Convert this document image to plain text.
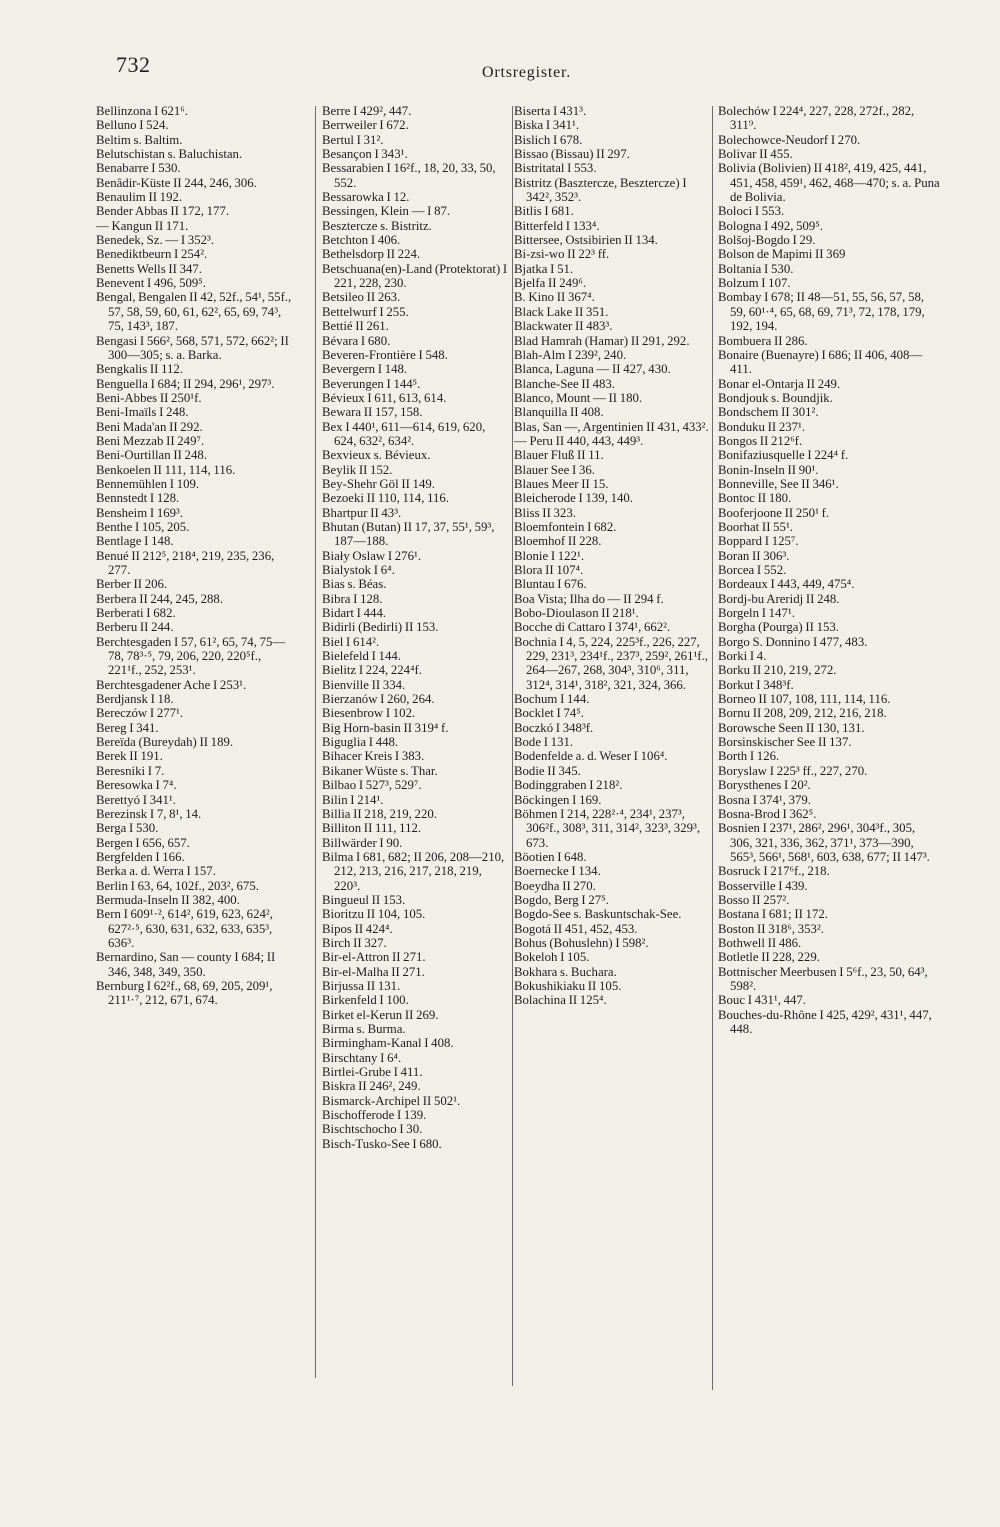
732	Ortsregister.
Bellinzona I 621⁶.
Belluno I 524.
Beltim s. Baltim.
Belutschistan s. Baluchistan.
Benabarre I 530.
Benâdir-Küste II 244, 246, 306.
Benaulim II 192.
Bender Abbas II 172, 177.
— Kangun II 171.
Benedek, Sz. — I 352³.
Benediktbeurn I 254².
Benetts Wells II 347.
Benevent I 496, 509⁵.
Bengal, Bengalen II 42, 52f., 54¹, 55f., 57, 58, 59, 60, 61, 62², 65, 69, 74³, 75, 143³, 187.
Bengasi I 566², 568, 571, 572, 662²; II 300—305; s. a. Barka.
Bengkalis II 112.
Benguella I 684; II 294, 296¹, 297³.
Beni-Abbes II 250¹f.
Beni-Imaïls I 248.
Beni Mada'an II 292.
Beni Mezzab II 249⁷.
Beni-Ourtillan II 248.
Benkoelen II 111, 114, 116.
Bennemühlen I 109.
Bennstedt I 128.
Bensheim I 169³.
Benthe I 105, 205.
Bentlage I 148.
Benué II 212⁵, 218⁴, 219, 235, 236, 277.
Berber II 206.
Berbera II 244, 245, 288.
Berberati I 682.
Berberu II 244.
Berchtesgaden I 57, 61², 65, 74, 75—78, 78³·⁵, 79, 206, 220, 220⁵f., 221¹f., 252, 253¹.
Berchtesgadener Ache I 253¹.
Berdjansk I 18.
Bereczów I 277¹.
Bereg I 341.
Bereïda (Bureydah) II 189.
Berek II 191.
Beresniki I 7.
Beresowka I 7⁴.
Berettyó I 341¹.
Berezinsk I 7, 8¹, 14.
Berga I 530.
Bergen I 656, 657.
Bergfelden I 166.
Berka a. d. Werra I 157.
Berlin I 63, 64, 102f., 203², 675.
Bermuda-Inseln II 382, 400.
Bern I 609¹·², 614², 619, 623, 624², 627²·⁵, 630, 631, 632, 633, 635³, 636³.
Bernardino, San — county I 684; II 346, 348, 349, 350.
Bernburg I 62²f., 68, 69, 205, 209¹, 211¹·⁷, 212, 671, 674.
Berre I 429², 447.
Berrweiler I 672.
Bertul I 31².
Besançon I 343¹.
Bessarabien I 16²f., 18, 20, 33, 50, 552.
Bessarowka I 12.
Bessingen, Klein — I 87.
Besztercze s. Bistritz.
Betchton I 406.
Bethelsdorp II 224.
Betschuana(en)-Land (Protektorat) I 221, 228, 230.
Betsileo II 263.
Bettelwurf I 255.
Bettié II 261.
Bévara I 680.
Beveren-Frontière I 548.
Bevergern I 148.
Beverungen I 144⁵.
Bévieux I 611, 613, 614.
Bewara II 157, 158.
Bex I 440¹, 611—614, 619, 620, 624, 632², 634².
Bexvieux s. Bévieux.
Beylik II 152.
Bey-Shehr Göl II 149.
Bezoeki II 110, 114, 116.
Bhartpur II 43³.
Bhutan (Butan) II 17, 37, 55¹, 59³, 187—188.
Biały Oslaw I 276¹.
Bialystok I 6⁴.
Bias s. Béas.
Bibra I 128.
Bidart I 444.
Bidirli (Bedirli) II 153.
Biel I 614².
Bielefeld I 144.
Bielitz I 224, 224⁴f.
Bienville II 334.
Bierzanów I 260, 264.
Biesenbrow I 102.
Big Horn-basin II 319⁴ f.
Biguglia I 448.
Bihacer Kreis I 383.
Bikaner Wüste s. Thar.
Bilbao I 527³, 529⁷.
Bilin I 214¹.
Billia II 218, 219, 220.
Billiton II 111, 112.
Billwärder I 90.
Bilma I 681, 682; II 206, 208—210, 212, 213, 216, 217, 218, 219, 220³.
Bingueul II 153.
Bioritzu II 104, 105.
Bipos II 424⁴.
Birch II 327.
Bir-el-Attron II 271.
Bir-el-Malha II 271.
Birjussa II 131.
Birkenfeld I 100.
Birket el-Kerun II 269.
Birma s. Burma.
Birmingham-Kanal I 408.
Birschtany I 6⁴.
Birtlei-Grube I 411.
Biskra II 246², 249.
Bismarck-Archipel II 502¹.
Bischofferode I 139.
Bischtschocho I 30.
Bisch-Tusko-See I 680.
Biserta I 431³.
Biska I 341¹.
Bislich I 678.
Bissao (Bissau) II 297.
Bistritatal I 553.
Bistritz (Baszterczе, Beszterczе) I 342², 352³.
Bitlis I 681.
Bitterfeld I 133⁴.
Bittersee, Ostsibirien II 134.
Bi-zsi-wo II 22³ ff.
Bjatka I 51.
Bjelfa II 249⁶.
B. Kino II 367⁴.
Black Lake II 351.
Blackwater II 483³.
Blad Hamrah (Hamar) II 291, 292.
Blah-Alm I 239², 240.
Blanca, Laguna — II 427, 430.
Blanche-See II 483.
Blanco, Mount — II 180.
Blanquilla II 408.
Blas, San —, Argentinien II 431, 433².
— Peru II 440, 443, 449³.
Blauer Fluß II 11.
Blauer See I 36.
Blaues Meer II 15.
Bleicherode I 139, 140.
Bliss II 323.
Bloemfontein I 682.
Bloemhof II 228.
Blonie I 122¹.
Blora II 107⁴.
Bluntau I 676.
Boa Vista; Ilha do — II 294 f.
Bobo-Dioulason II 218¹.
Bocche di Cattaro I 374¹, 662².
Bochnia I 4, 5, 224, 225³f., 226, 227, 229, 231³, 234¹f., 237³, 259², 261¹f., 264—267, 268, 304³, 310⁶, 311, 312⁴, 314¹, 318², 321, 324, 366.
Bochum I 144.
Bocklet I 74⁵.
Boczkó I 348³f.
Bode I 131.
Bodenfelde a. d. Weser I 106⁴.
Bodie II 345.
Bodinggraben I 218².
Böckingen I 169.
Böhmen I 214, 228²·⁴, 234¹, 237³, 306²f., 308³, 311, 314², 323³, 329³, 673.
Böotien I 648.
Boernecke I 134.
Boeydha II 270.
Bogdo, Berg I 27⁵.
Bogdo-See s. Baskuntschak-See.
Bogotá II 451, 452, 453.
Bohus (Bohuslehn) I 598².
Bokeloh I 105.
Bokhara s. Buchara.
Bokushikiaku II 105.
Bolachina II 125⁴.
Bolechów I 224⁴, 227, 228, 272f., 282, 311⁹.
Bolechowce-Neudorf I 270.
Bolivar II 455.
Bolivia (Bolivien) II 418², 419, 425, 441, 451, 458, 459¹, 462, 468—470; s. a. Puna de Bolivia.
Boloci I 553.
Bologna I 492, 509⁵.
Bolšoj-Bogdo I 29.
Bolson de Mapimi II 369
Boltania I 530.
Bolzum I 107.
Bombay I 678; II 48—51, 55, 56, 57, 58, 59, 60¹·⁴, 65, 68, 69, 71³, 72, 178, 179, 192, 194.
Bombuera II 286.
Bonaire (Buenayre) I 686; II 406, 408—411.
Bonar el-Ontarja II 249.
Bondjouk s. Boundjik.
Bondschem II 301².
Bonduku II 237¹.
Bongos II 212⁶f.
Bonifaziusquelle I 224⁴ f.
Bonin-Inseln II 90¹.
Bonneville, See II 346¹.
Bontoc II 180.
Booferjoone II 250¹ f.
Boorhat II 55¹.
Boppard I 125⁷.
Boran II 306³.
Borcea I 552.
Bordeaux I 443, 449, 475⁴.
Bordj-bu Areridj II 248.
Borgeln I 147¹.
Borgha (Pourga) II 153.
Borgo S. Donnino I 477, 483.
Borki I 4.
Borku II 210, 219, 272.
Borkut I 348³f.
Borneo II 107, 108, 111, 114, 116.
Bornu II 208, 209, 212, 216, 218.
Borowsche Seen II 130, 131.
Borsinskischer See II 137.
Borth I 126.
Boryslaw I 225³ ff., 227, 270.
Borysthenes I 20².
Bosna I 374¹, 379.
Bosna-Brod I 362⁵.
Bosnien I 237¹, 286², 296¹, 304³f., 305, 306, 321, 336, 362, 371¹, 373—390, 565³, 566¹, 568¹, 603, 638, 677; II 147³.
Bosruck I 217⁶f., 218.
Bosserville I 439.
Bosso II 257².
Bostana I 681; II 172.
Boston II 318⁶, 353².
Bothwell II 486.
Botletle II 228, 229.
Bottnischer Meerbusen I 5⁶f., 23, 50, 64³, 598².
Bouc I 431¹, 447.
Bouches-du-Rhône I 425, 429², 431¹, 447, 448.
